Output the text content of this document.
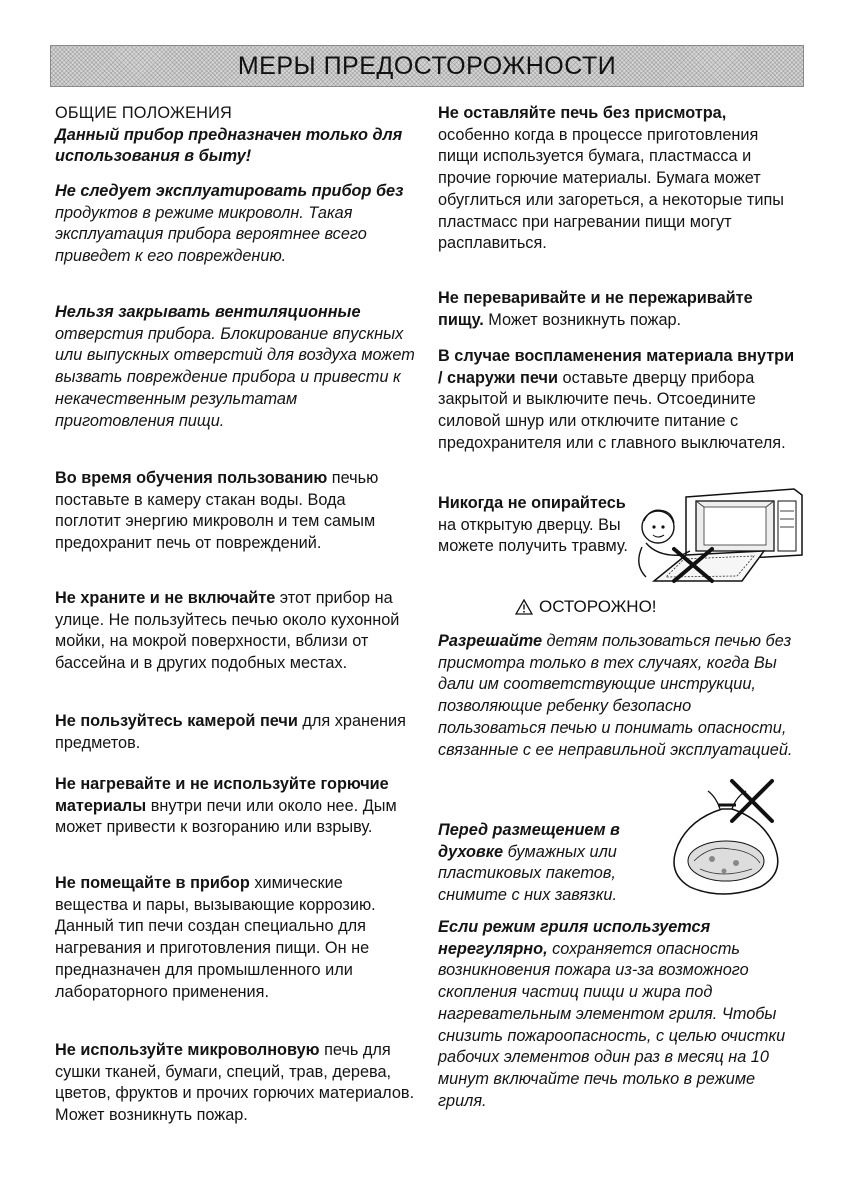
МЕРЫ ПРЕДОСТОРОЖНОСТИ

ОБЩИЕ ПОЛОЖЕНИЯ
Данный прибор предназначен только для использования в быту!

Не следует эксплуатировать прибор без продуктов в режиме микроволн. Такая эксплуатация прибора вероятнее всего приведет к его повреждению.

Нельзя закрывать вентиляционные отверстия прибора. Блокирование впускных или выпускных отверстий для воздуха может вызвать повреждение прибора и привести к некачественным результатам приготовления пищи.

Во время обучения пользованию печью поставьте в камеру стакан воды. Вода поглотит энергию микроволн и тем самым предохранит печь от повреждений.

Не храните и не включайте этот прибор на улице. Не пользуйтесь печью около кухонной мойки, на мокрой поверхности, вблизи от бассейна и в других подобных местах.

Не пользуйтесь камерой печи для хранения предметов.

Не нагревайте и не используйте горючие материалы внутри печи или около нее. Дым может привести к возгоранию или взрыву.

Не помещайте в прибор химические вещества и пары, вызывающие коррозию. Данный тип печи создан специально для нагревания и приготовления пищи. Он не предназначен для промышленного или лабораторного применения.

Не используйте микроволновую печь для сушки тканей, бумаги, специй, трав, дерева, цветов, фруктов и прочих горючих материалов. Может возникнуть пожар.

Не оставляйте печь без присмотра, особенно когда в процессе приготовления пищи используется бумага, пластмасса и прочие горючие материалы. Бумага может обуглиться или загореться, а некоторые типы пластмасс при нагревании пищи могут расплавиться.

Не переваривайте и не пережаривайте пищу. Может возникнуть пожар.

В случае воспламенения материала внутри / снаружи печи оставьте дверцу прибора закрытой и выключите печь. Отсоедините силовой шнур или отключите питание с предохранителя или с главного выключателя.

Никогда не опирайтесь на открытую дверцу. Вы можете получить травму.

ОСТОРОЖНО!

Разрешайте детям пользоваться печью без присмотра только в тех случаях, когда Вы дали им соответствующие инструкции, позволяющие ребенку безопасно пользоваться печью и понимать опасности, связанные с ее неправильной эксплуатацией.

Перед размещением в духовке бумажных или пластиковых пакетов, снимите с них завязки.

Если режим гриля используется нерегулярно, сохраняется опасность возникновения пожара из-за возможного скопления частиц пищи и жира под нагревательным элементом гриля. Чтобы снизить пожароопасность, с целью очистки рабочих элементов один раз в месяц на 10 минут включайте печь только в режиме гриля.
